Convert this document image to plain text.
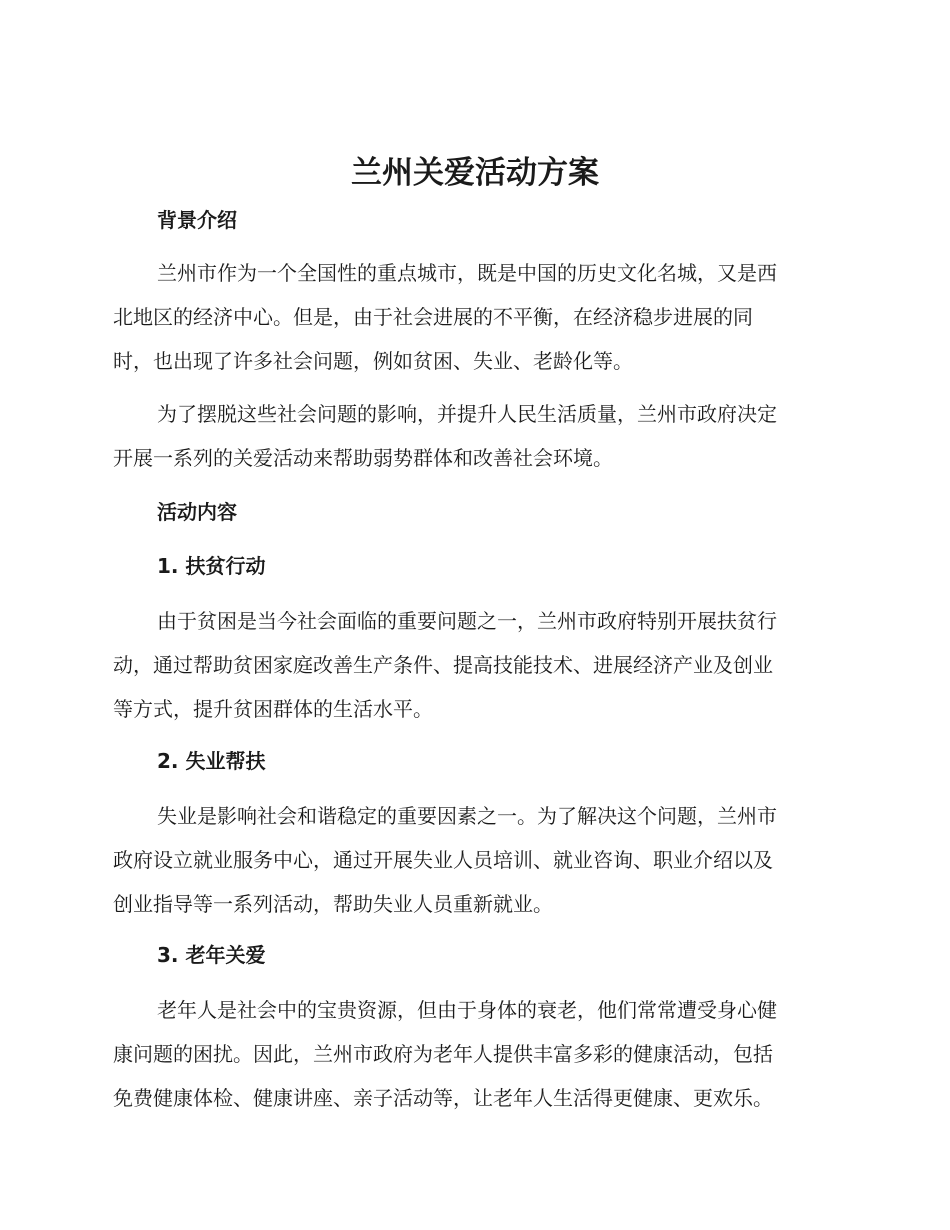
兰州关爱活动方案
背景介绍

兰州市作为一个全国性的重点城市，既是中国的历史文化名城，又是西
北地区的经济中心。但是，由于社会进展的不平衡，在经济稳步进展的同
时，也出现了许多社会问题，例如贫困、失业、老龄化等。

为了摆脱这些社会问题的影响，并提升人民生活质量，兰州市政府决定
开展一系列的关爱活动来帮助弱势群体和改善社会环境。

活动内容
1. 扶贫行动

由于贫困是当今社会面临的重要问题之一，兰州市政府特别开展扶贫行
动，通过帮助贫困家庭改善生产条件、提高技能技术、进展经济产业及创业
等方式，提升贫困群体的生活水平。

2. 失业帮扶

失业是影响社会和谐稳定的重要因素之一。为了解决这个问题，兰州市
政府设立就业服务中心，通过开展失业人员培训、就业咨询、职业介绍以及
创业指导等一系列活动，帮助失业人员重新就业。

3. 老年关爱

老年人是社会中的宝贵资源，但由于身体的衰老，他们常常遭受身心健
康问题的困扰。因此，兰州市政府为老年人提供丰富多彩的健康活动，包括
免费健康体检、健康讲座、亲子活动等，让老年人生活得更健康、更欢乐。
